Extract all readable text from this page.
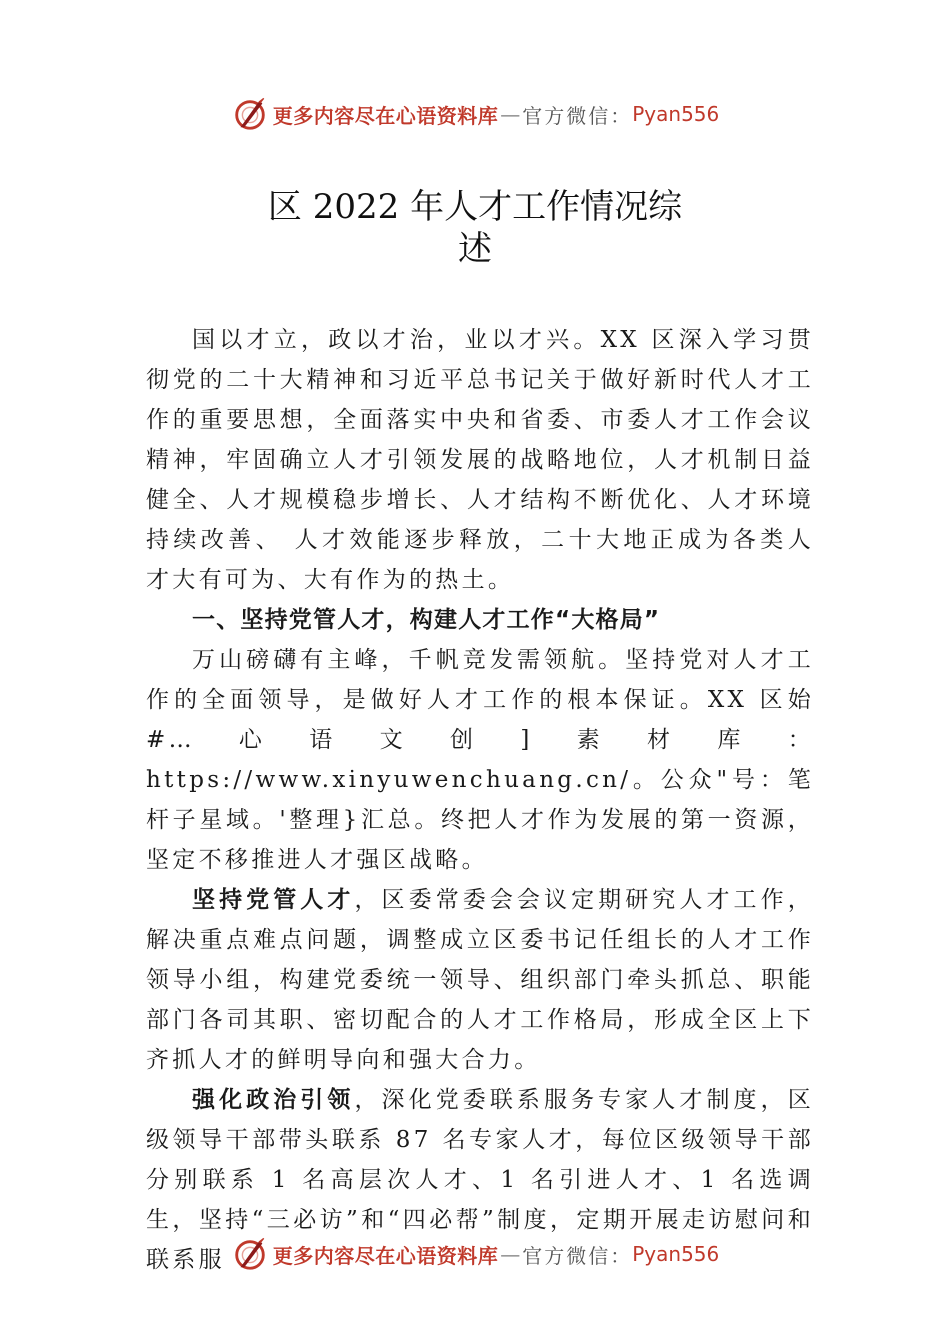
更多内容尽在心语资料库 — 官方微信： Pyan556
区 2022 年人才工作情况综
述

国以才立，政以才治，业以才兴。XX 区深入学习贯彻党的二十大精神和习近平总书记关于做好新时代人才工作的重要思想，全面落实中央和省委、市委人才工作会议精神，牢固确立人才引领发展的战略地位，人才机制日益健全、人才规模稳步增长、人才结构不断优化、人才环境持续改善、 人才效能逐步释放，二十大地正成为各类人才大有可为、大有作为的热土。

一、坚持党管人才，构建人才工作“大格局”

万山磅礴有主峰，千帆竞发需领航。坚持党对人才工作的全面领导，是做好人才工作的根本保证。XX 区始#…心语文创]素材库：https://www.xinyuwenchuang.cn/。公众"号：笔杆子星域。'整理}汇总。终把人才作为发展的第一资源，坚定不移推进人才强区战略。

坚持党管人才，区委常委会会议定期研究人才工作，解决重点难点问题，调整成立区委书记任组长的人才工作领导小组，构建党委统一领导、组织部门牵头抓总、职能部门各司其职、密切配合的人才工作格局，形成全区上下齐抓人才的鲜明导向和强大合力。

强化政治引领，深化党委联系服务专家人才制度，区级领导干部带头联系 87 名专家人才，每位区级领导干部分别联系 1 名高层次人才、1 名引进人才、1 名选调生，坚持“三必访”和“四必帮”制度，定期开展走访慰问和联系服	更多内容尽在心语资料库 — 官方微信： Pyan556
